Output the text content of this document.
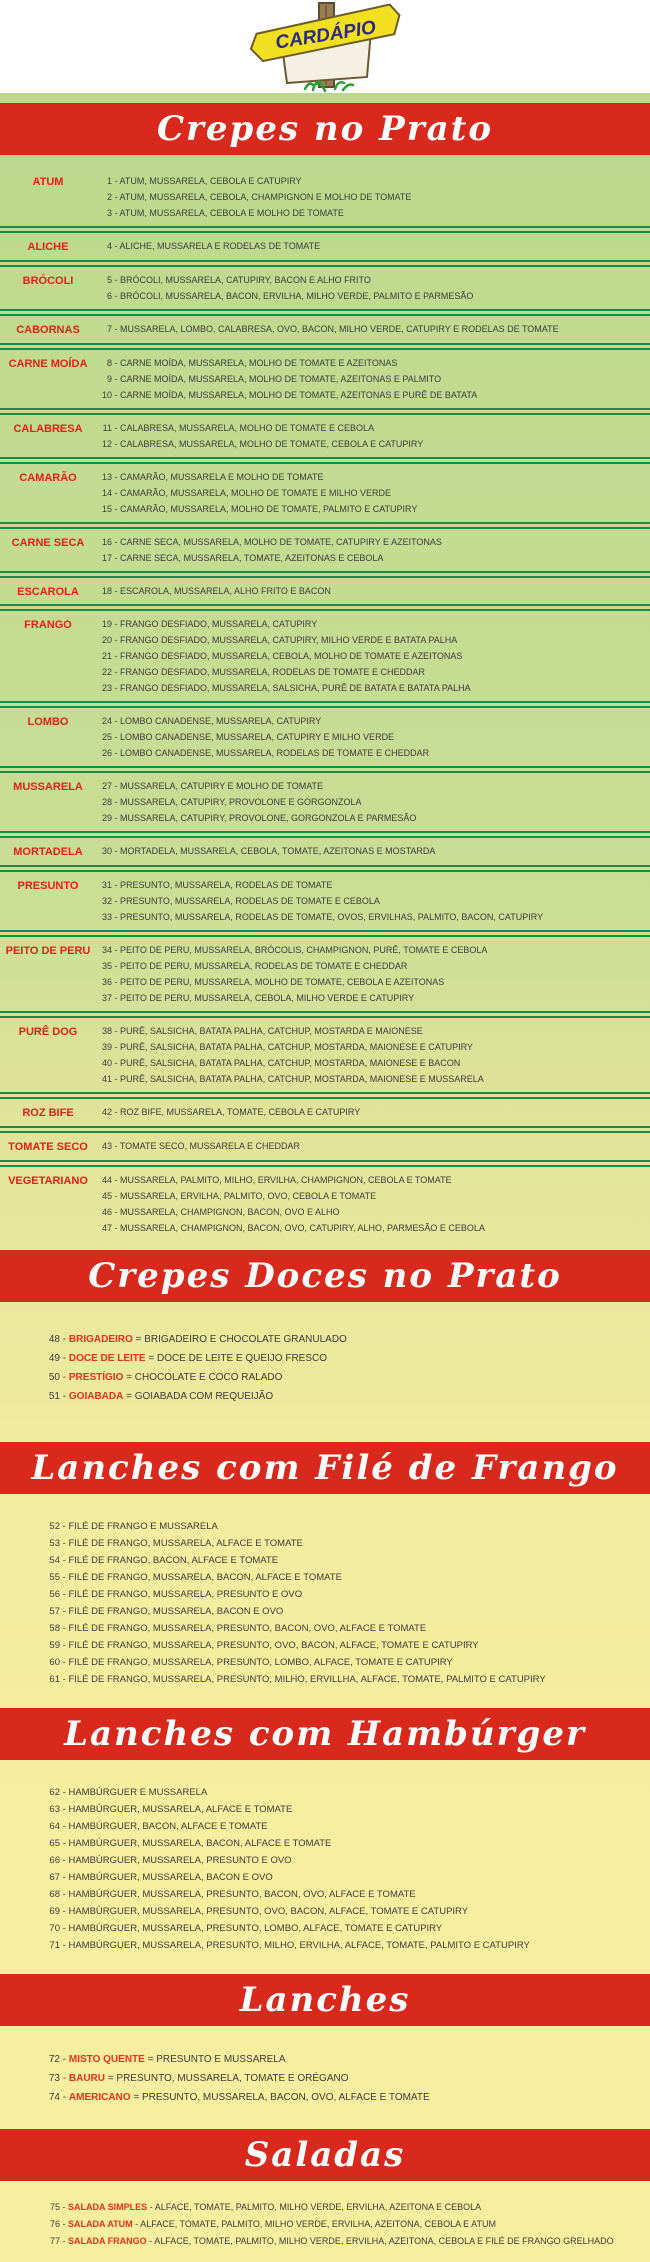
CARDÁPIO
Crepes no Prato
ATUM	1 - ATUM, MUSSARELA, CEBOLA E CATUPIRY
2 - ATUM, MUSSARELA, CEBOLA, CHAMPIGNON E MOLHO DE TOMATE
3 - ATUM, MUSSARELA, CEBOLA E MOLHO DE TOMATE
ALICHE	4 - ALICHE, MUSSARELA E RODELAS DE TOMATE
BRÓCOLI	5 - BRÓCOLI, MUSSARELA, CATUPIRY, BACON E ALHO FRITO
6 - BRÓCOLI, MUSSARELA, BACON, ERVILHA, MILHO VERDE, PALMITO E PARMESÃO
CABORNAS	7 - MUSSARELA, LOMBO, CALABRESA, OVO, BACON, MILHO VERDE, CATUPIRY E RODELAS DE TOMATE
CARNE MOÍDA	8 - CARNE MOÍDA, MUSSARELA, MOLHO DE TOMATE E AZEITONAS
9 - CARNE MOÍDA, MUSSARELA, MOLHO DE TOMATE, AZEITONAS E PALMITO
10 - CARNE MOÍDA, MUSSARELA, MOLHO DE TOMATE, AZEITONAS E PURÊ DE BATATA
CALABRESA	11 - CALABRESA, MUSSARELA, MOLHO DE TOMATE E CEBOLA
12 - CALABRESA, MUSSARELA, MOLHO DE TOMATE, CEBOLA E CATUPIRY
CAMARÃO	13 - CAMARÃO, MUSSARELA E MOLHO DE TOMATE
14 - CAMARÃO, MUSSARELA, MOLHO DE TOMATE E MILHO VERDE
15 - CAMARÃO, MUSSARELA, MOLHO DE TOMATE, PALMITO E CATUPIRY
CARNE SECA	16 - CARNE SECA, MUSSARELA, MOLHO DE TOMATE, CATUPIRY E AZEITONAS
17 - CARNE SECA, MUSSARELA, TOMATE, AZEITONAS E CEBOLA
ESCAROLA	18 - ESCAROLA, MUSSARELA, ALHO FRITO E BACON
FRANGO	19 - FRANGO DESFIADO, MUSSARELA, CATUPIRY
20 - FRANGO DESFIADO, MUSSARELA, CATUPIRY, MILHO VERDE E BATATA PALHA
21 - FRANGO DESFIADO, MUSSARELA, CEBOLA, MOLHO DE TOMATE E AZEITONAS
22 - FRANGO DESFIADO, MUSSARELA, RODELAS DE TOMATE E CHEDDAR
23 - FRANGO DESFIADO, MUSSARELA, SALSICHA, PURÊ DE BATATA E BATATA PALHA
LOMBO	24 - LOMBO CANADENSE, MUSSARELA, CATUPIRY
25 - LOMBO CANADENSE, MUSSARELA, CATUPIRY E MILHO VERDE
26 - LOMBO CANADENSE, MUSSARELA, RODELAS DE TOMATE E CHEDDAR
MUSSARELA	27 - MUSSARELA, CATUPIRY E MOLHO DE TOMATE
28 - MUSSARELA, CATUPIRY, PROVOLONE E GORGONZOLA
29 - MUSSARELA, CATUPIRY, PROVOLONE, GORGONZOLA E PARMESÃO
MORTADELA	30 - MORTADELA, MUSSARELA, CEBOLA, TOMATE, AZEITONAS E MOSTARDA
PRESUNTO	31 - PRESUNTO, MUSSARELA, RODELAS DE TOMATE
32 - PRESUNTO, MUSSARELA, RODELAS DE TOMATE E CEBOLA
33 - PRESUNTO, MUSSARELA, RODELAS DE TOMATE, OVOS, ERVILHAS, PALMITO, BACON, CATUPIRY
PEITO DE PERU	34 - PEITO DE PERU, MUSSARELA, BRÓCOLIS, CHAMPIGNON, PURÊ, TOMATE E CEBOLA
35 - PEITO DE PERU, MUSSARELA, RODELAS DE TOMATE E CHEDDAR
36 - PEITO DE PERU, MUSSARELA, MOLHO DE TOMATE, CEBOLA E AZEITONAS
37 - PEITO DE PERU, MUSSARELA, CEBOLA, MILHO VERDE E CATUPIRY
PURÊ DOG	38 - PURÊ, SALSICHA, BATATA PALHA, CATCHUP, MOSTARDA E MAIONESE
39 - PURÊ, SALSICHA, BATATA PALHA, CATCHUP, MOSTARDA, MAIONESE E CATUPIRY
40 - PURÊ, SALSICHA, BATATA PALHA, CATCHUP, MOSTARDA, MAIONESE E BACON
41 - PURÊ, SALSICHA, BATATA PALHA, CATCHUP, MOSTARDA, MAIONESE E MUSSARELA
ROZ BIFE	42 - ROZ BIFE, MUSSARELA, TOMATE, CEBOLA E CATUPIRY
TOMATE SECO	43 - TOMATE SECO, MUSSARELA E CHEDDAR
VEGETARIANO	44 - MUSSARELA, PALMITO, MILHO, ERVILHA, CHAMPIGNON, CEBOLA E TOMATE
45 - MUSSARELA, ERVILHA, PALMITO, OVO, CEBOLA E TOMATE
46 - MUSSARELA, CHAMPIGNON, BACON, OVO E ALHO
47 - MUSSARELA, CHAMPIGNON, BACON, OVO, CATUPIRY, ALHO, PARMESÃO E CEBOLA
Crepes Doces no Prato
48 - BRIGADEIRO = BRIGADEIRO E CHOCOLATE GRANULADO
49 - DOCE DE LEITE = DOCE DE LEITE E QUEIJO FRESCO
50 - PRESTÍGIO = CHOCOLATE E COCO RALADO
51 - GOIABADA = GOIABADA COM REQUEIJÃO
Lanches com Filé de Frango
52 - FILÉ DE FRANGO E MUSSARELA
53 - FILÉ DE FRANGO, MUSSARELA, ALFACE E TOMATE
54 - FILÉ DE FRANGO, BACON, ALFACE E TOMATE
55 - FILÉ DE FRANGO, MUSSARELA, BACON, ALFACE E TOMATE
56 - FILÉ DE FRANGO, MUSSARELA, PRESUNTO E OVO
57 - FILÉ DE FRANGO, MUSSARELA, BACON E OVO
58 - FILÉ DE FRANGO, MUSSARELA, PRESUNTO, BACON, OVO, ALFACE E TOMATE
59 - FILÉ DE FRANGO, MUSSARELA, PRESUNTO, OVO, BACON, ALFACE, TOMATE E CATUPIRY
60 - FILÉ DE FRANGO, MUSSARELA, PRESUNTO, LOMBO, ALFACE, TOMATE E CATUPIRY
61 - FILÉ DE FRANGO, MUSSARELA, PRESUNTO, MILHO, ERVILLHA, ALFACE, TOMATE, PALMITO E CATUPIRY
Lanches com Hambúrger
62 - HAMBÚRGUER E MUSSARELA
63 - HAMBÚRGUER, MUSSARELA, ALFACE E TOMATE
64 - HAMBÚRGUER, BACON, ALFACE E TOMATE
65 - HAMBÚRGUER, MUSSARELA, BACON, ALFACE E TOMATE
66 - HAMBÚRGUER, MUSSARELA, PRESUNTO E OVO
67 - HAMBÚRGUER, MUSSARELA, BACON E OVO
68 - HAMBÚRGUER, MUSSARELA, PRESUNTO, BACON, OVO, ALFACE E TOMATE
69 - HAMBÚRGUER, MUSSARELA, PRESUNTO, OVO, BACON, ALFACE, TOMATE E CATUPIRY
70 - HAMBÚRGUER, MUSSARELA, PRESUNTO, LOMBO, ALFACE, TOMATE E CATUPIRY
71 - HAMBÚRGUER, MUSSARELA, PRESUNTO, MILHO, ERVILHA, ALFACE, TOMATE, PALMITO E CATUPIRY
Lanches
72 - MISTO QUENTE = PRESUNTO E MUSSARELA
73 - BAURU = PRESUNTO, MUSSARELA, TOMATE E ORÉGANO
74 - AMERICANO = PRESUNTO, MUSSARELA, BACON, OVO, ALFACE E TOMATE
Saladas
75 - SALADA SIMPLES - ALFACE, TOMATE, PALMITO, MILHO VERDE, ERVILHA, AZEITONA E CEBOLA
76 - SALADA ATUM - ALFACE, TOMATE, PALMITO, MILHO VERDE, ERVILHA, AZEITONA, CEBOLA E ATUM
77 - SALADA FRANGO - ALFACE, TOMATE, PALMITO, MILHO VERDE, ERVILHA, AZEITONA, CEBOLA E FILÉ DE FRANGO GRELHADO
